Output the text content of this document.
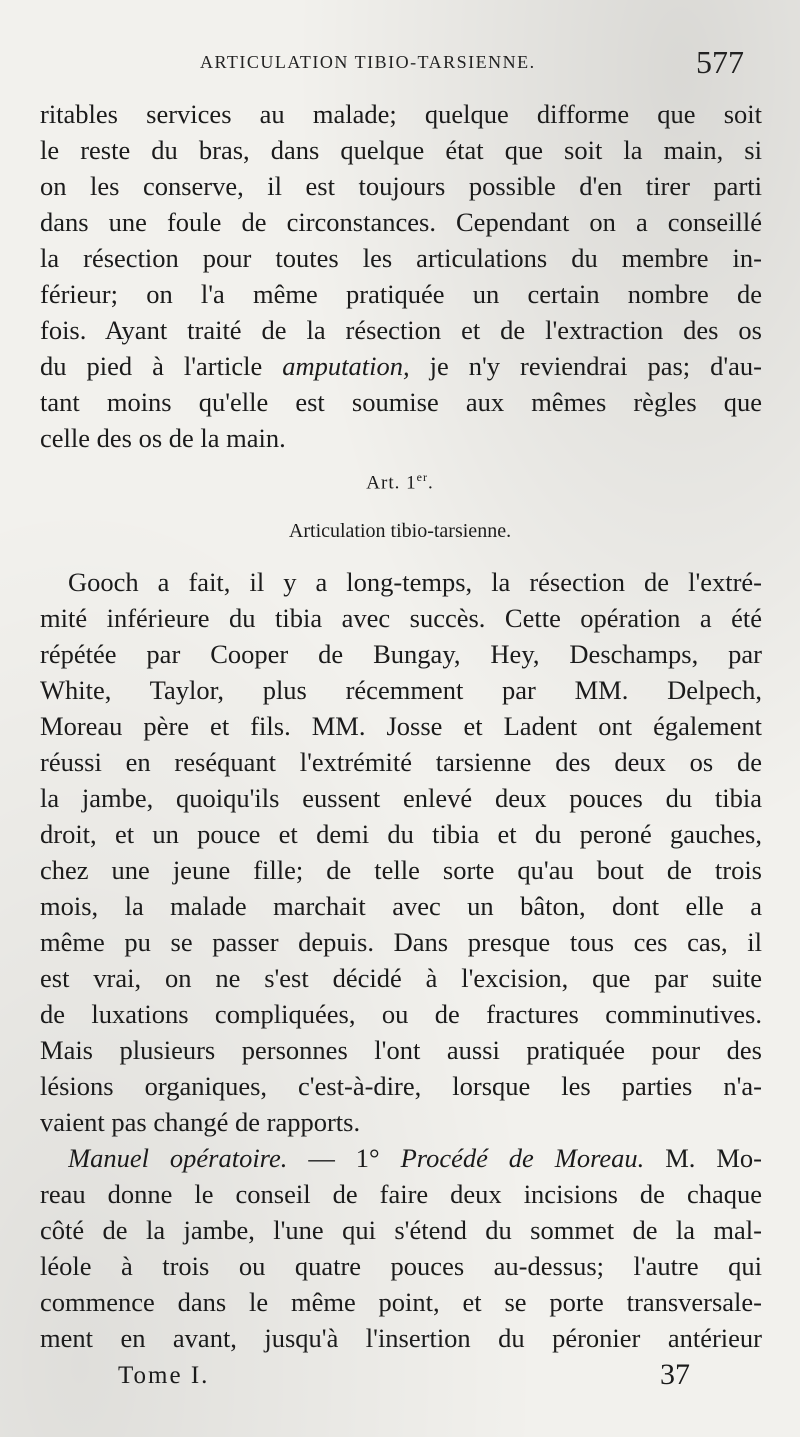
ARTICULATION TIBIO-TARSIENNE.	577
ritables services au malade; quelque difforme que soit
le reste du bras, dans quelque état que soit la main, si
on les conserve, il est toujours possible d'en tirer parti
dans une foule de circonstances. Cependant on a conseillé
la résection pour toutes les articulations du membre in-
férieur; on l'a même pratiquée un certain nombre de
fois. Ayant traité de la résection et de l'extraction des os
du pied à l'article amputation, je n'y reviendrai pas; d'au-
tant moins qu'elle est soumise aux mêmes règles que
celle des os de la main.
Art. 1er.
Articulation tibio-tarsienne.
Gooch a fait, il y a long-temps, la résection de l'extré-
mité inférieure du tibia avec succès. Cette opération a été
répétée par Cooper de Bungay, Hey, Deschamps, par
White, Taylor, plus récemment par MM. Delpech,
Moreau père et fils. MM. Josse et Ladent ont également
réussi en reséquant l'extrémité tarsienne des deux os de
la jambe, quoiqu'ils eussent enlevé deux pouces du tibia
droit, et un pouce et demi du tibia et du peroné gauches,
chez une jeune fille; de telle sorte qu'au bout de trois
mois, la malade marchait avec un bâton, dont elle a
même pu se passer depuis. Dans presque tous ces cas, il
est vrai, on ne s'est décidé à l'excision, que par suite
de luxations compliquées, ou de fractures comminutives.
Mais plusieurs personnes l'ont aussi pratiquée pour des
lésions organiques, c'est-à-dire, lorsque les parties n'a-
vaient pas changé de rapports.
Manuel opératoire. — 1° Procédé de Moreau. M. Mo-
reau donne le conseil de faire deux incisions de chaque
côté de la jambe, l'une qui s'étend du sommet de la mal-
léole à trois ou quatre pouces au-dessus; l'autre qui
commence dans le même point, et se porte transversale-
ment en avant, jusqu'à l'insertion du péronier antérieur
Tome I.	37
